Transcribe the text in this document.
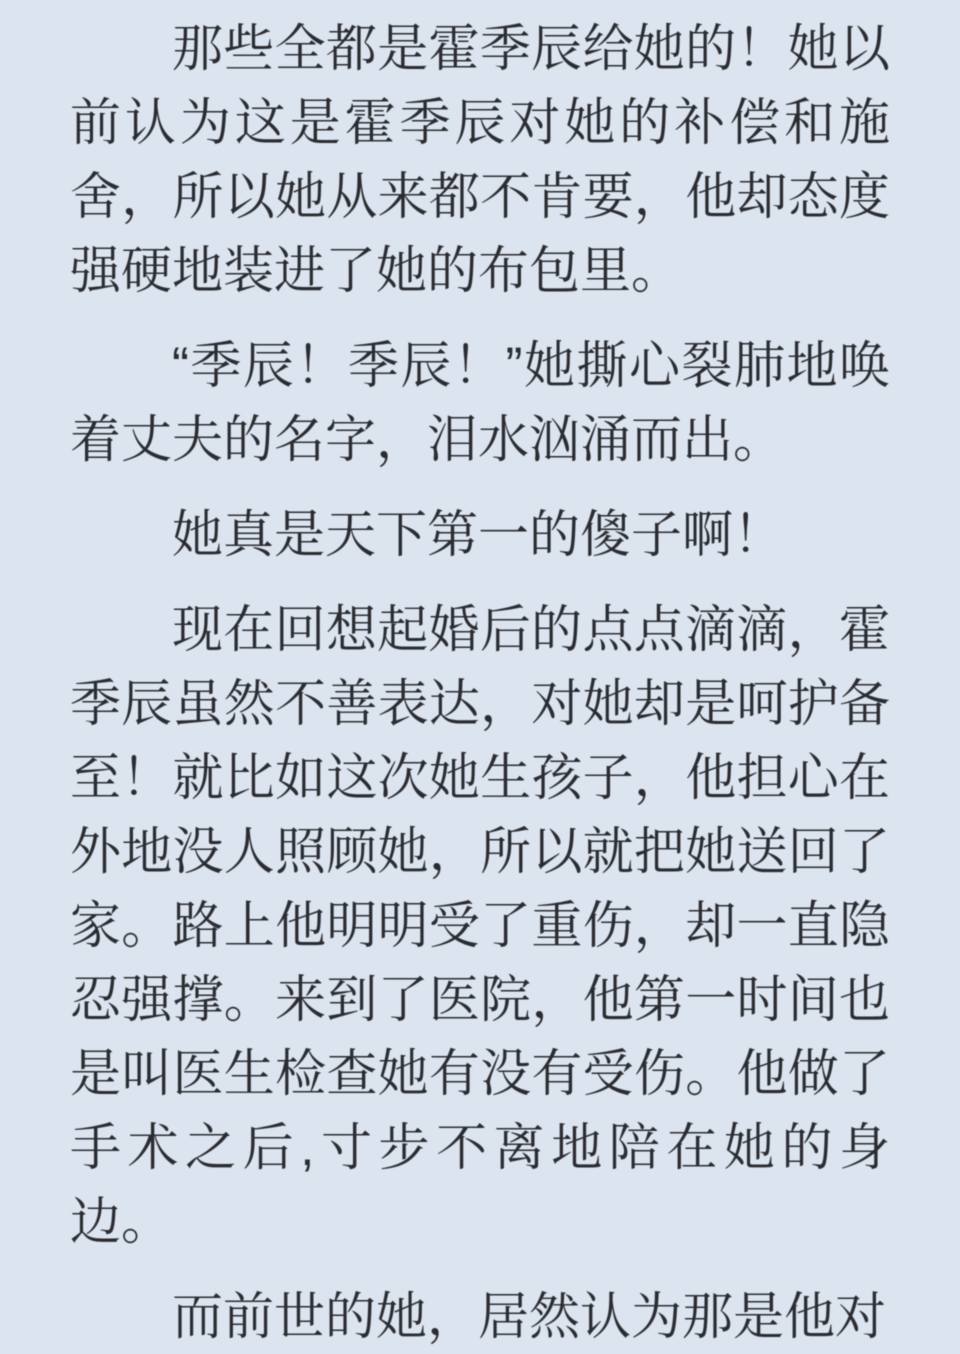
那些全都是霍季辰给她的！她以前认为这是霍季辰对她的补偿和施舍，所以她从来都不肯要，他却态度强硬地装进了她的布包里。

“季辰！季辰！”她撕心裂肺地唤着丈夫的名字，泪水汹涌而出。

她真是天下第一的傻子啊！

现在回想起婚后的点点滴滴，霍季辰虽然不善表达，对她却是呵护备至！就比如这次她生孩子，他担心在外地没人照顾她，所以就把她送回了家。路上他明明受了重伤，却一直隐忍强撑。来到了医院，他第一时间也是叫医生检查她有没有受伤。他做了手术之后,寸步不离地陪在她的身边。

而前世的她，居然认为那是他对
